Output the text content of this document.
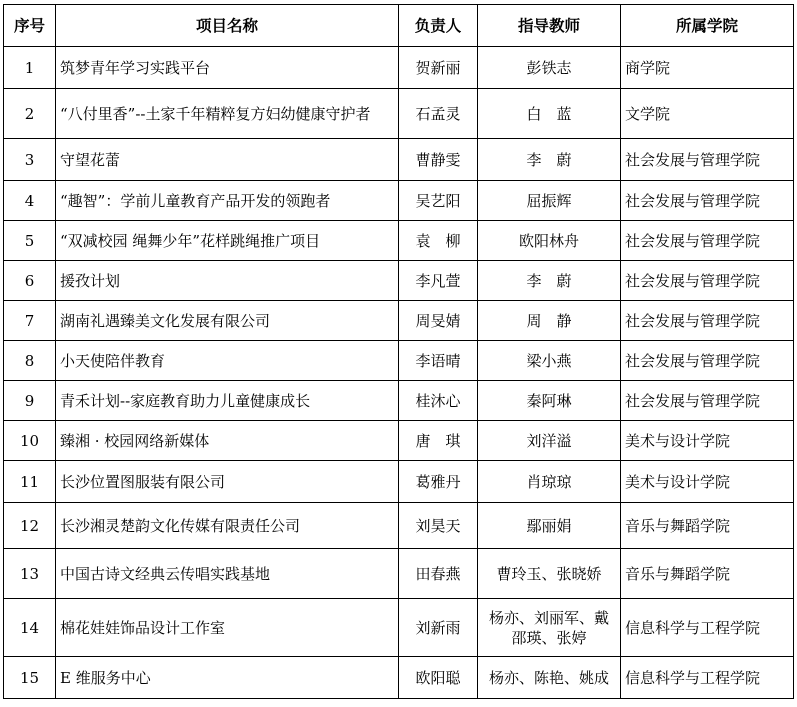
序号	项目名称	负责人	指导教师	所属学院
1	筑梦青年学习实践平台	贺新丽	彭铁志	商学院
2	“八付里香”--土家千年精粹复方妇幼健康守护者	石孟灵	白　蓝	文学院
3	守望花蕾	曹静雯	李　蔚	社会发展与管理学院
4	“趣智”：学前儿童教育产品开发的领跑者	吴艺阳	屈振辉	社会发展与管理学院
5	“双减校园 绳舞少年”花样跳绳推广项目	袁　柳	欧阳林舟	社会发展与管理学院
6	援孜计划	李凡萱	李　蔚	社会发展与管理学院
7	湖南礼遇臻美文化发展有限公司	周旻婧	周　静	社会发展与管理学院
8	小天使陪伴教育	李语晴	梁小燕	社会发展与管理学院
9	青禾计划--家庭教育助力儿童健康成长	桂沐心	秦阿琳	社会发展与管理学院
10	臻湘 · 校园网络新媒体	唐　琪	刘洋溢	美术与设计学院
11	长沙位置图服装有限公司	葛雅丹	肖琼琼	美术与设计学院
12	长沙湘灵楚韵文化传媒有限责任公司	刘昊天	鄢丽娟	音乐与舞蹈学院
13	中国古诗文经典云传唱实践基地	田春燕	曹玲玉、张晓娇	音乐与舞蹈学院
14	棉花娃娃饰品设计工作室	刘新雨	杨亦、刘丽军、戴邵瑛、张婷	信息科学与工程学院
15	E 维服务中心	欧阳聪	杨亦、陈艳、姚成	信息科学与工程学院
